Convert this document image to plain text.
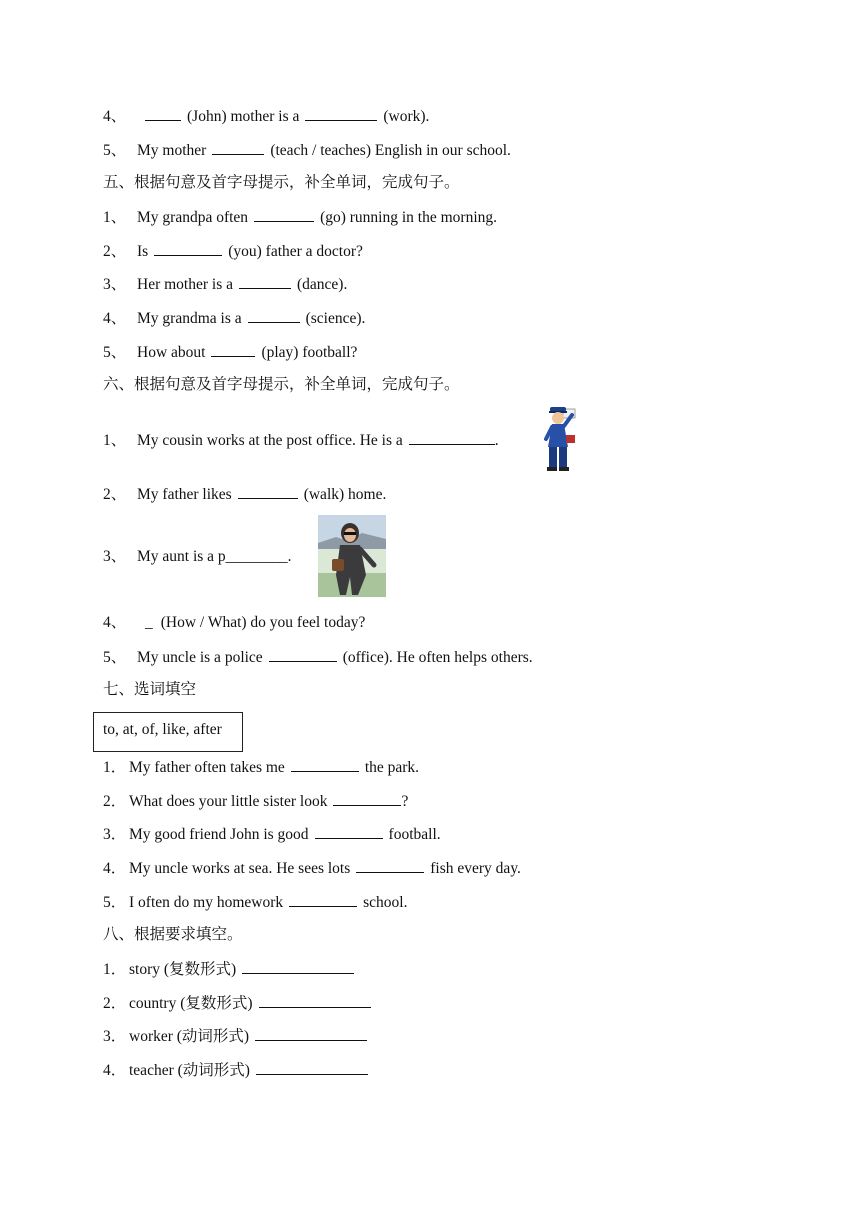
4、	(John) mother is a	(work).
5、 My mother	(teach / teaches) English in our school.
五、根据句意及首字母提示，补全单词，完成句子。
1、 My grandpa often	(go) running in the morning.
2、 Is	(you) father a doctor?
3、 Her mother is a	(dance).
4、 My grandma is a	(science).
5、 How about	(play) football?
六、根据句意及首字母提示，补全单词，完成句子。
1、 My cousin works at the post office. He is a	.
2、 My father likes	(walk) home.
3、 My aunt is a p________.
4、 _ (How / What) do you feel today?
5、 My uncle is a police	(office). He often helps others.
七、选词填空
to, at, of, like, after
1． My father often takes me	the park.
2． What does your little sister look	?
3． My good friend John is good	football.
4． My uncle works at sea. He sees lots	fish every day.
5． I often do my homework	school.
八、根据要求填空。
1． story (复数形式)
2． country (复数形式)
3． worker (动词形式)
4． teacher (动词形式)
